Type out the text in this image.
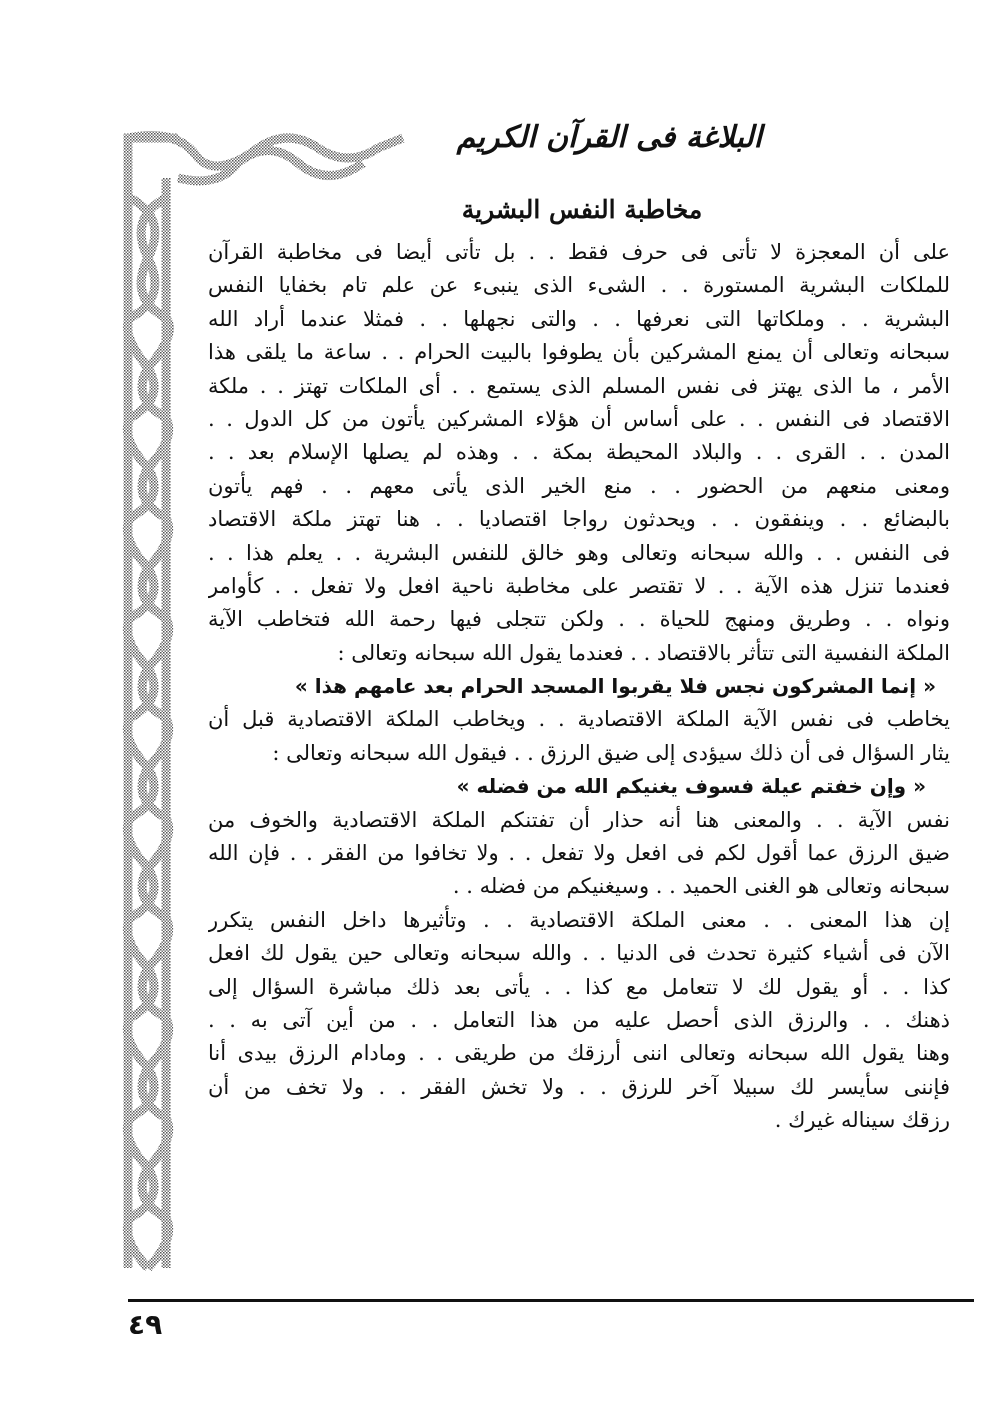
البلاغة فى القرآن الكريم
مخاطبة النفس البشرية
على أن المعجزة لا تأتى فى حرف فقط . . بل تأتى أيضا فى مخاطبة القرآن
للملكات البشرية المستورة . . الشىء الذى ينبىء عن علم تام بخفايا النفس
البشرية . . وملكاتها التى نعرفها . . والتى نجهلها . . فمثلا عندما أراد الله
سبحانه وتعالى أن يمنع المشركين بأن يطوفوا بالبيت الحرام . . ساعة ما يلقى هذا
الأمر ، ما الذى يهتز فى نفس المسلم الذى يستمع . . أى الملكات تهتز . . ملكة
الاقتصاد فى النفس . . على أساس أن هؤلاء المشركين يأتون من كل الدول . .
المدن . . القرى . . والبلاد المحيطة بمكة . . وهذه لم يصلها الإسلام بعد . .
ومعنى منعهم من الحضور . . منع الخير الذى يأتى معهم . . فهم يأتون
بالبضائع . . وينفقون . . ويحدثون رواجا اقتصاديا . . هنا تهتز ملكة الاقتصاد
فى النفس . . والله سبحانه وتعالى وهو خالق للنفس البشرية . . يعلم هذا . .
فعندما تنزل هذه الآية . . لا تقتصر على مخاطبة ناحية افعل ولا تفعل . . كأوامر
ونواه . . وطريق ومنهج للحياة . . ولكن تتجلى فيها رحمة الله فتخاطب الآية
الملكة النفسية التى تتأثر بالاقتصاد . . فعندما يقول الله سبحانه وتعالى :
« إنما المشركون نجس فلا يقربوا المسجد الحرام بعد عامهم هذا »
يخاطب فى نفس الآية الملكة الاقتصادية . . ويخاطب الملكة الاقتصادية قبل أن
يثار السؤال فى أن ذلك سيؤدى إلى ضيق الرزق . . فيقول الله سبحانه وتعالى :
« وإن خفتم عيلة فسوف يغنيكم الله من فضله »
نفس الآية . . والمعنى هنا أنه حذار أن تفتنكم الملكة الاقتصادية والخوف من
ضيق الرزق عما أقول لكم فى افعل ولا تفعل . . ولا تخافوا من الفقر . . فإن الله
سبحانه وتعالى هو الغنى الحميد . . وسيغنيكم من فضله . .
إن هذا المعنى . . معنى الملكة الاقتصادية . . وتأثيرها داخل النفس يتكرر
الآن فى أشياء كثيرة تحدث فى الدنيا . . والله سبحانه وتعالى حين يقول لك افعل
كذا . . أو يقول لك لا تتعامل مع كذا . . يأتى بعد ذلك مباشرة السؤال إلى
ذهنك . . والرزق الذى أحصل عليه من هذا التعامل . . من أين آتى به . .
وهنا يقول الله سبحانه وتعالى اننى أرزقك من طريقى . . ومادام الرزق بيدى أنا
فإننى سأيسر لك سبيلا آخر للرزق . . ولا تخش الفقر . . ولا تخف من أن
رزقك سيناله غيرك .
٤٩
